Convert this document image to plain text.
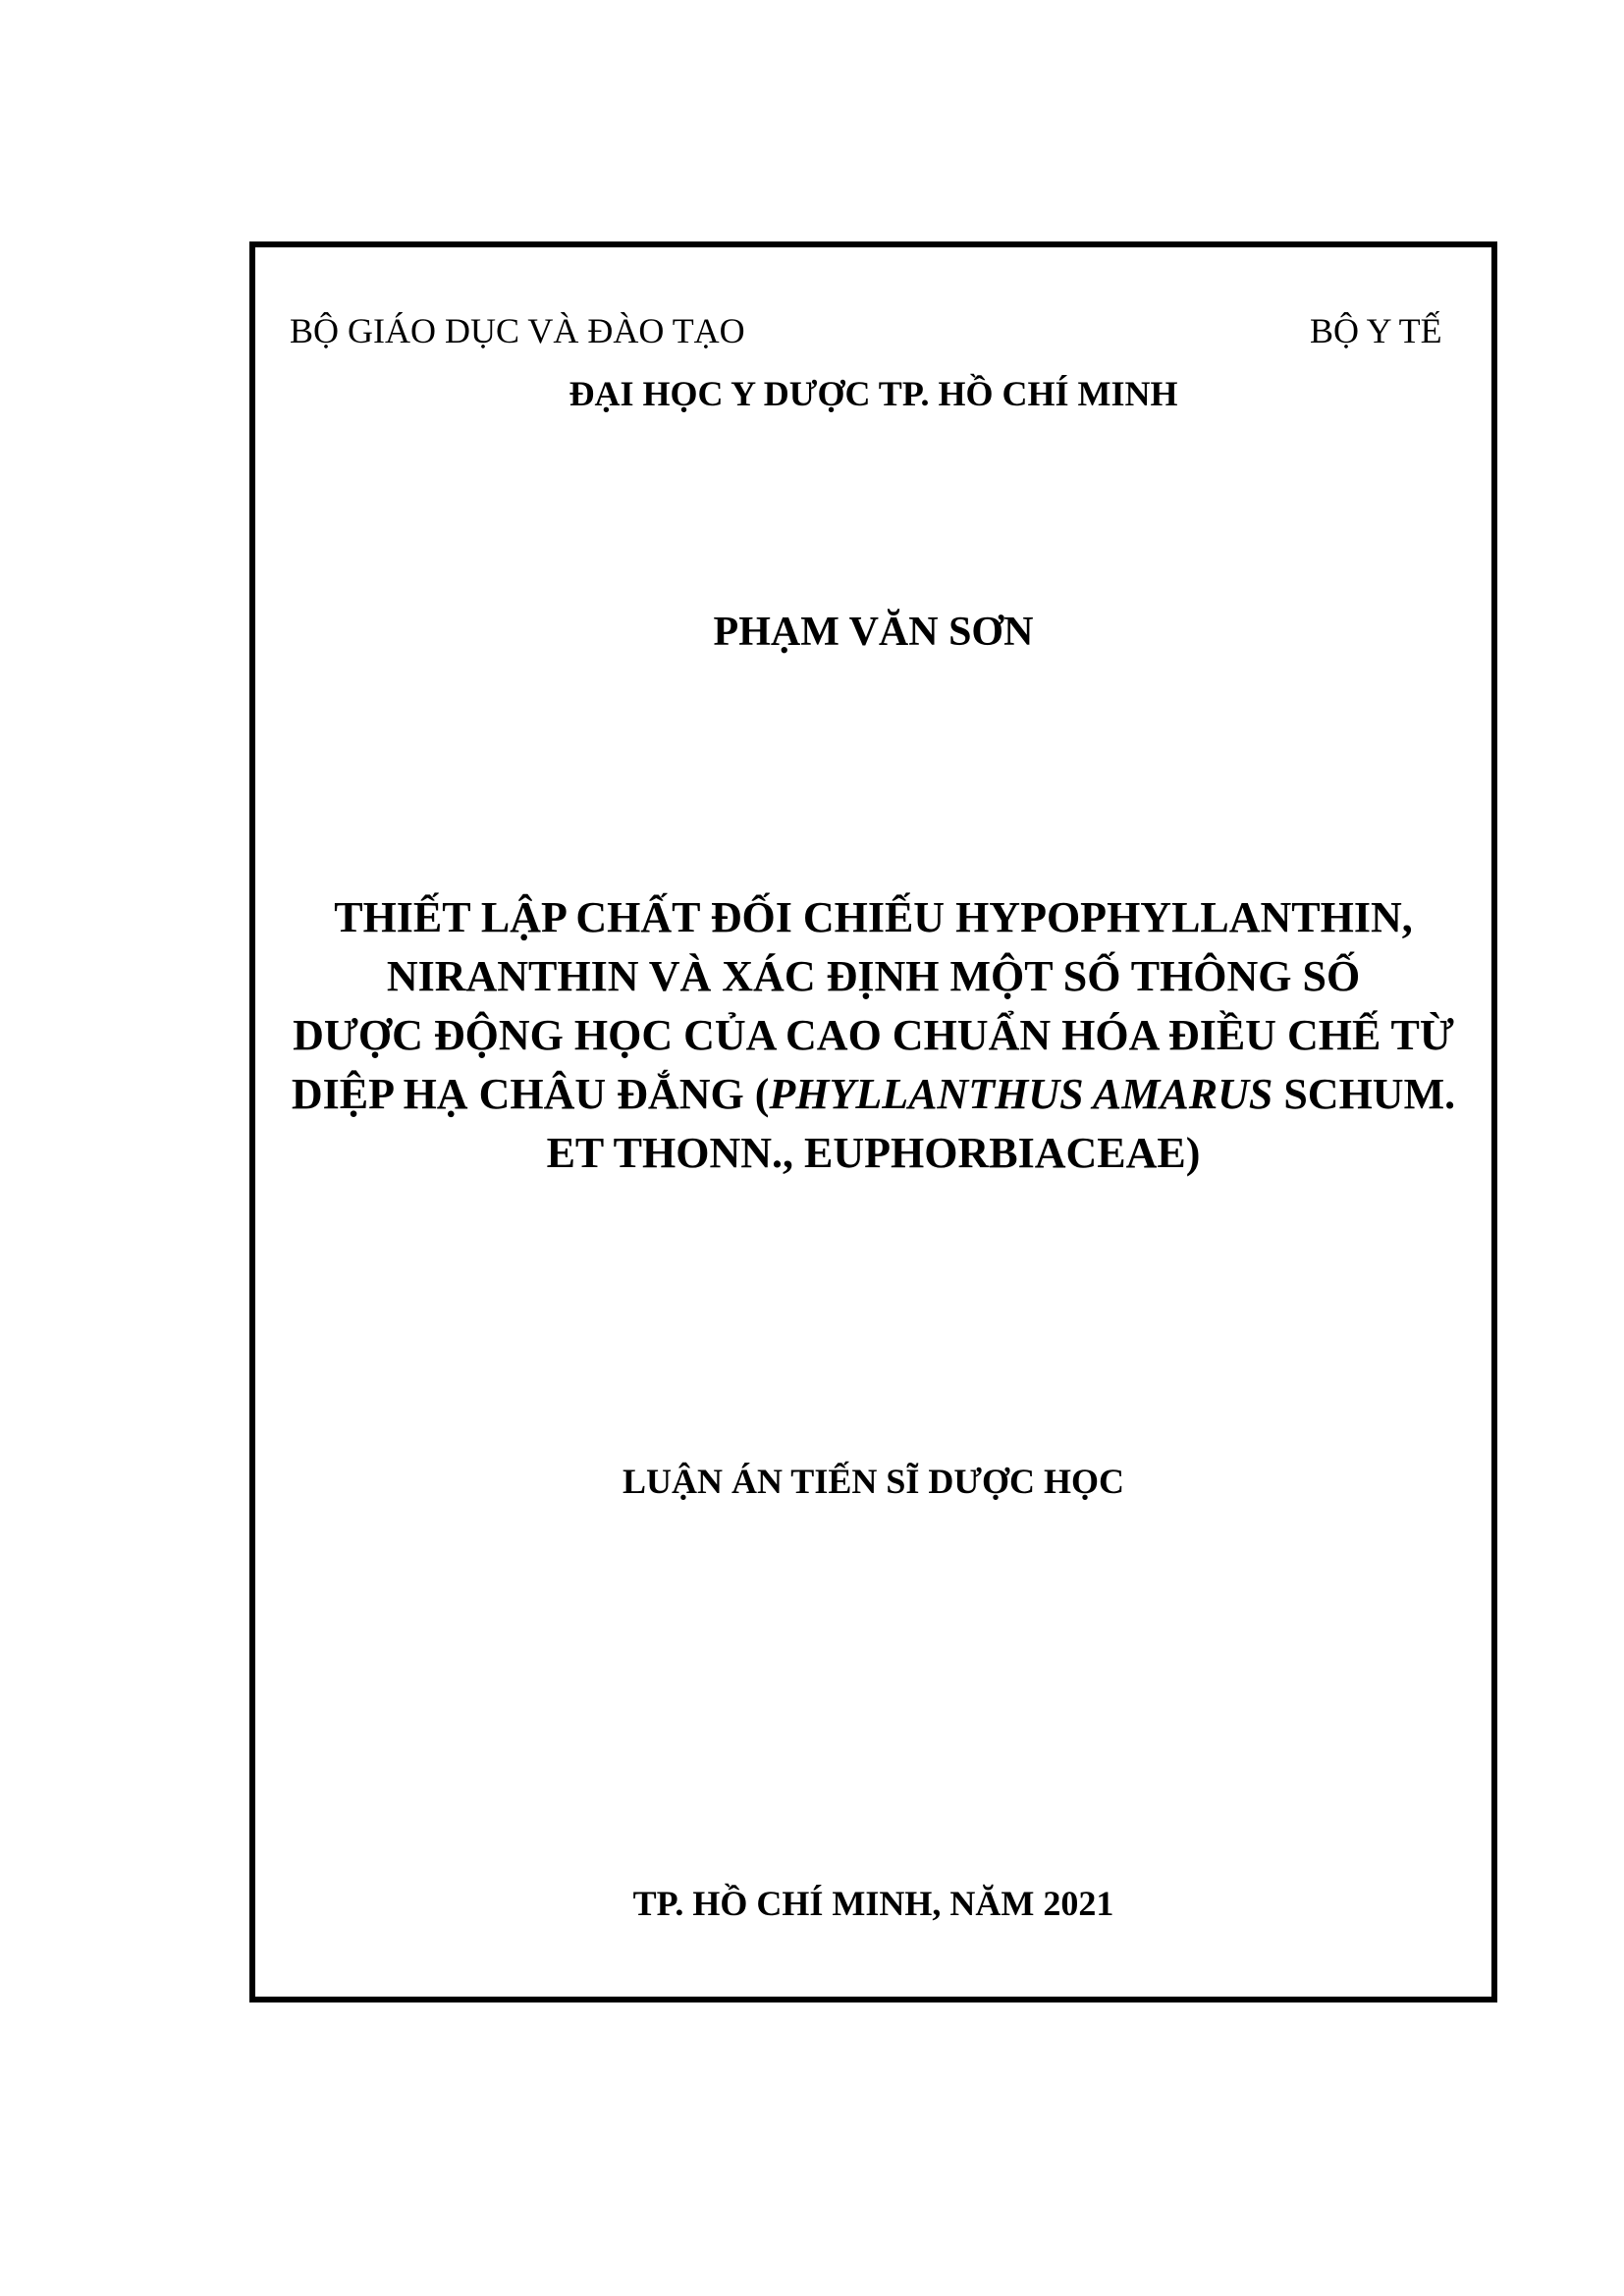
BỘ GIÁO DỤC VÀ ĐÀO TẠO	BỘ Y TẾ
ĐẠI HỌC Y DƯỢC TP. HỒ CHÍ MINH
PHẠM VĂN SƠN
THIẾT LẬP CHẤT ĐỐI CHIẾU HYPOPHYLLANTHIN,
NIRANTHIN VÀ XÁC ĐỊNH MỘT SỐ THÔNG SỐ
DƯỢC ĐỘNG HỌC CỦA CAO CHUẨN HÓA ĐIỀU CHẾ TỪ
DIỆP HẠ CHÂU ĐẮNG (PHYLLANTHUS AMARUS SCHUM.
ET THONN., EUPHORBIACEAE)
LUẬN ÁN TIẾN SĨ DƯỢC HỌC
TP. HỒ CHÍ MINH, NĂM 2021
